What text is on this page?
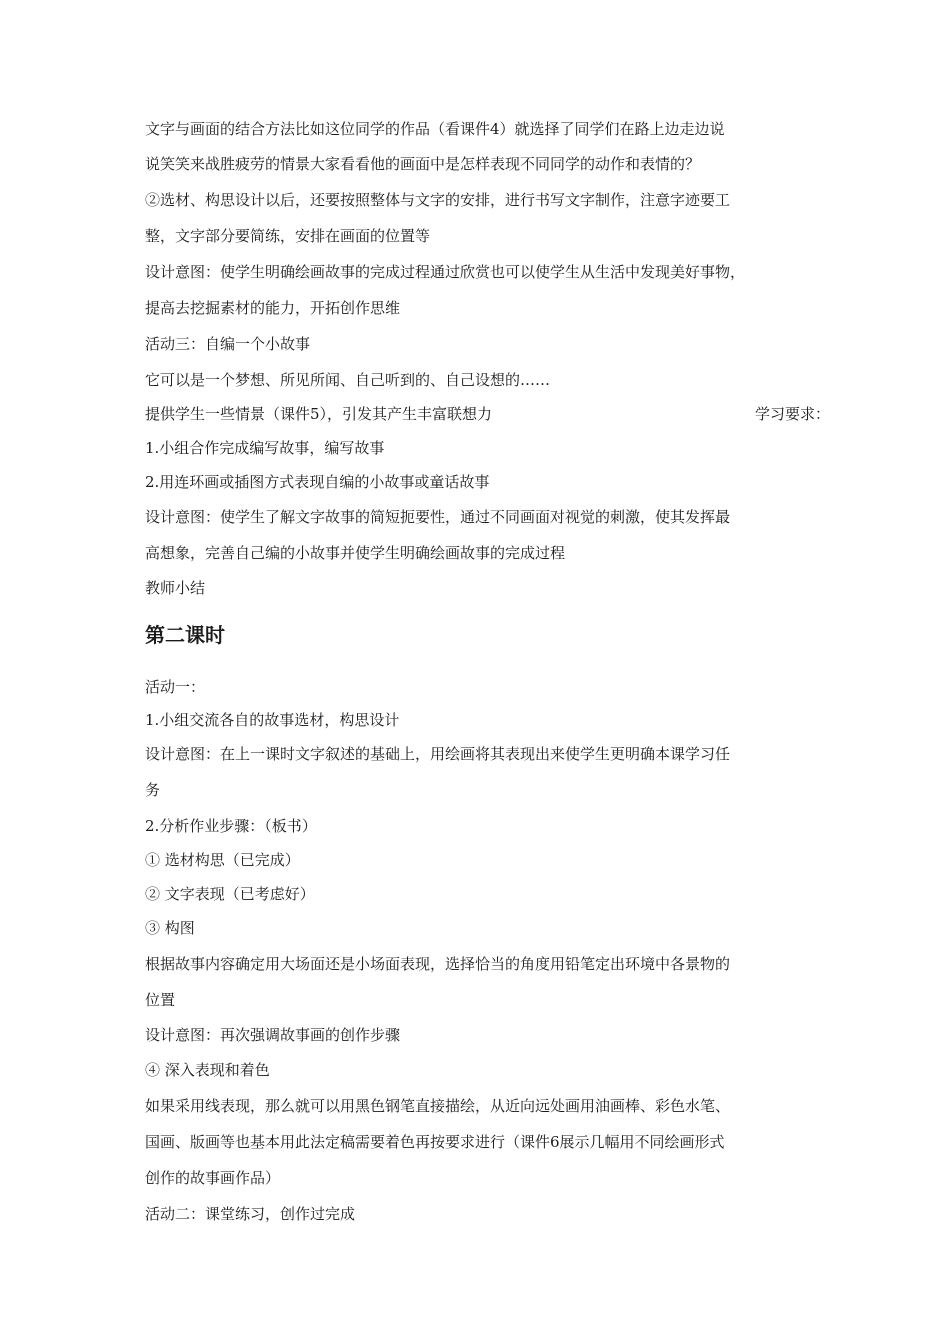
文字与画面的结合方法比如这位同学的作品（看课件4）就选择了同学们在路上边走边说
说笑笑来战胜疲劳的情景大家看看他的画面中是怎样表现不同同学的动作和表情的？
②选材、构思设计以后，还要按照整体与文字的安排，进行书写文字制作，注意字迹要工
整，文字部分要简练，安排在画面的位置等
设计意图：使学生明确绘画故事的完成过程通过欣赏也可以使学生从生活中发现美好事物，
提高去挖掘素材的能力，开拓创作思维
活动三：自编一个小故事
它可以是一个梦想、所见所闻、自己听到的、自己设想的……
提供学生一些情景（课件5），引发其产生丰富联想力	学习要求：
1.小组合作完成编写故事，编写故事
2.用连环画或插图方式表现自编的小故事或童话故事
设计意图：使学生了解文字故事的简短扼要性，通过不同画面对视觉的刺激，使其发挥最
高想象，完善自己编的小故事并使学生明确绘画故事的完成过程
教师小结
第二课时
活动一：
1.小组交流各自的故事选材，构思设计
设计意图：在上一课时文字叙述的基础上，用绘画将其表现出来使学生更明确本课学习任
务
2.分析作业步骤：（板书）
① 选材构思（已完成）
② 文字表现（已考虑好）
③ 构图
根据故事内容确定用大场面还是小场面表现，选择恰当的角度用铅笔定出环境中各景物的
位置
设计意图：再次强调故事画的创作步骤
④ 深入表现和着色
如果采用线表现，那么就可以用黑色钢笔直接描绘，从近向远处画用油画棒、彩色水笔、
国画、版画等也基本用此法定稿需要着色再按要求进行（课件6展示几幅用不同绘画形式
创作的故事画作品）
活动二：课堂练习，创作过完成
